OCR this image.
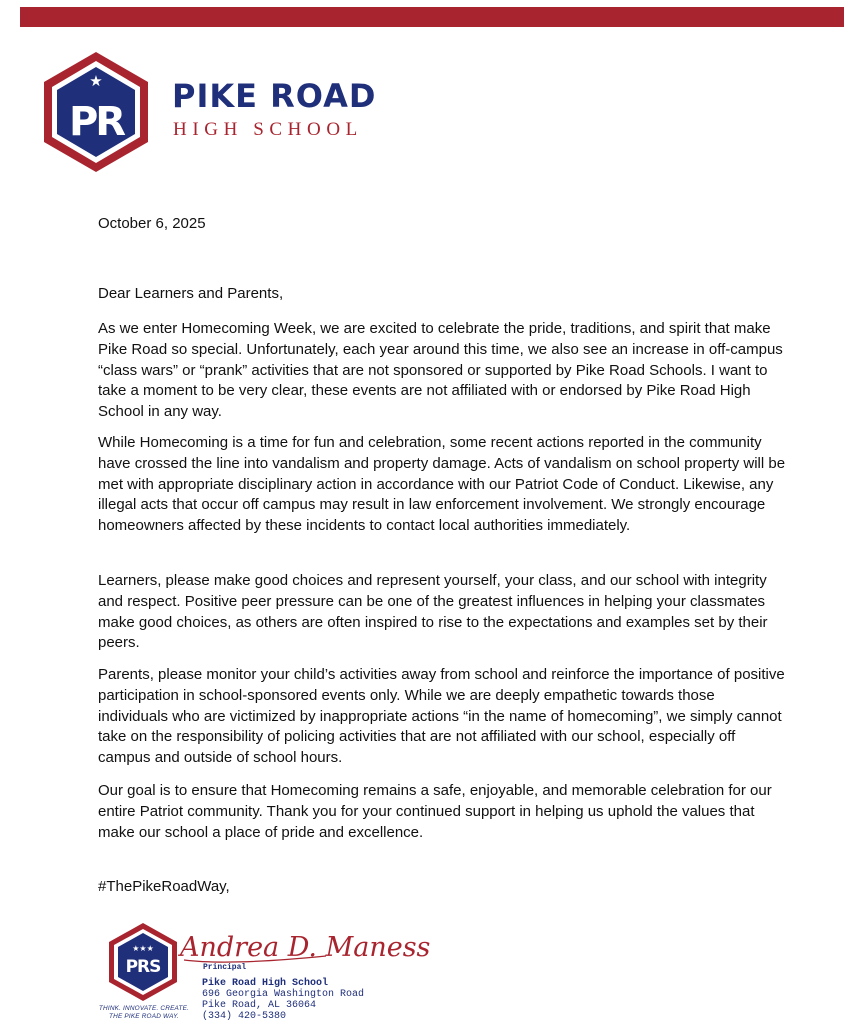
★
PR
PIKE ROAD
HIGH SCHOOL
October 6, 2025
Dear Learners and Parents,

As we enter Homecoming Week, we are excited to celebrate the pride, traditions, and spirit that make Pike Road so special. Unfortunately, each year around this time, we also see an increase in off-campus “class wars” or “prank” activities that are not sponsored or supported by Pike Road Schools. I want to take a moment to be very clear, these events are not affiliated with or endorsed by Pike Road High School in any way.

While Homecoming is a time for fun and celebration, some recent actions reported in the community have crossed the line into vandalism and property damage. Acts of vandalism on school property will be met with appropriate disciplinary action in accordance with our Patriot Code of Conduct. Likewise, any illegal acts that occur off campus may result in law enforcement involvement. We strongly encourage homeowners affected by these incidents to contact local authorities immediately.

Learners, please make good choices and represent yourself, your class, and our school with integrity and respect. Positive peer pressure can be one of the greatest influences in helping your classmates make good choices, as others are often inspired to rise to the expectations and examples set by their peers.

Parents, please monitor your child’s activities away from school and reinforce the importance of positive participation in school-sponsored events only. While we are deeply empathetic towards those individuals who are victimized by inappropriate actions “in the name of homecoming”, we simply cannot take on the responsibility of policing activities that are not affiliated with our school, especially off campus and outside of school hours.

Our goal is to ensure that Homecoming remains a safe, enjoyable, and memorable celebration for our entire Patriot community. Thank you for your continued support in helping us uphold the values that make our school a place of pride and excellence.

#ThePikeRoadWay,
★★★
PRS
THINK. INNOVATE. CREATE.
THE PIKE ROAD WAY.
Andrea D. Maness
Principal
Pike Road High School
696 Georgia Washington Road
Pike Road, AL 36064
(334) 420-5380
